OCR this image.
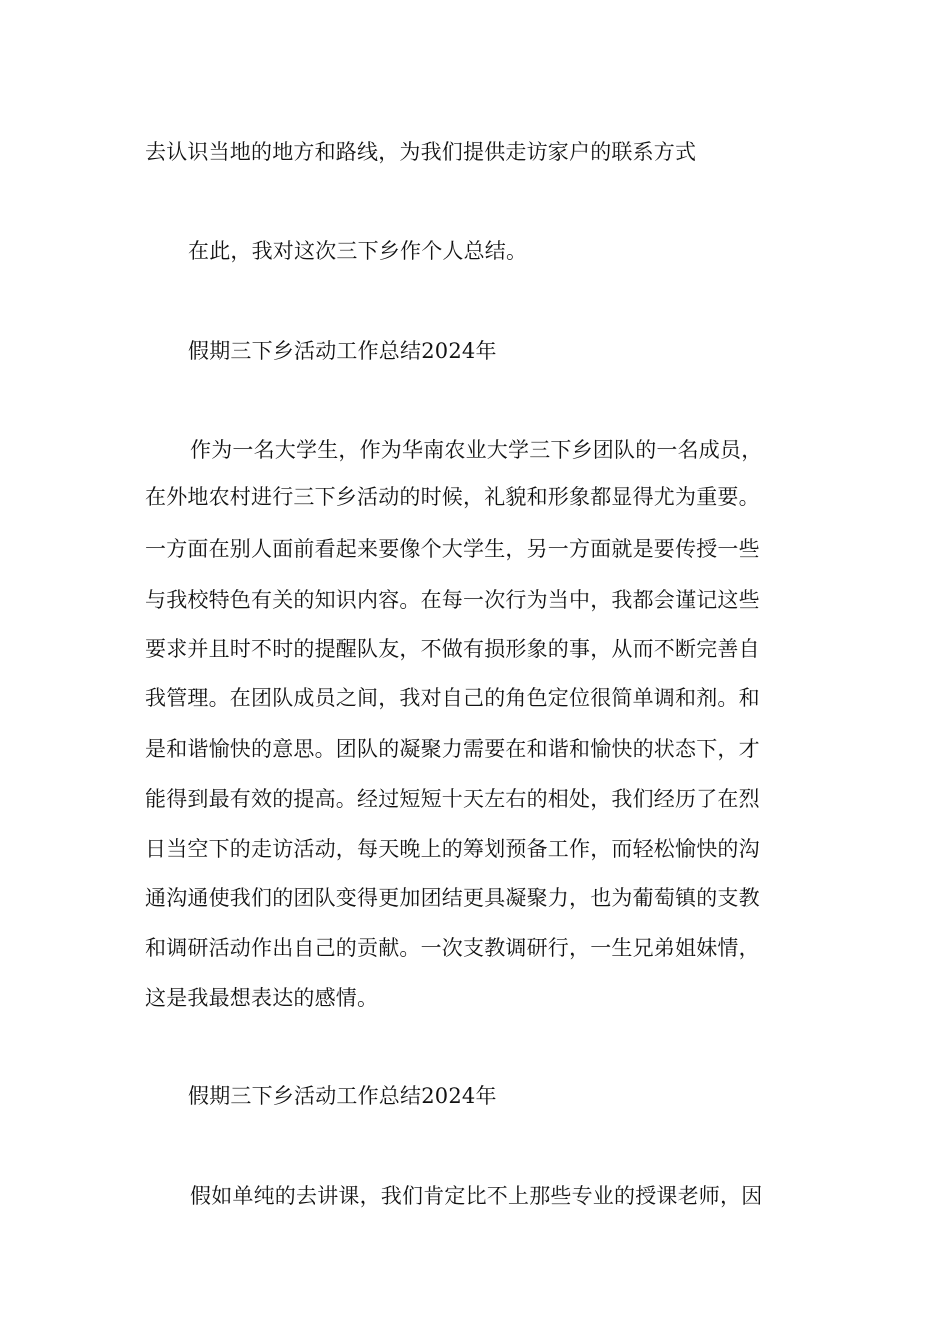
去认识当地的地方和路线，为我们提供走访家户的联系方式
在此，我对这次三下乡作个人总结。
假期三下乡活动工作总结2024年
作为一名大学生，作为华南农业大学三下乡团队的一名成员，
在外地农村进行三下乡活动的时候，礼貌和形象都显得尤为重要。
一方面在别人面前看起来要像个大学生，另一方面就是要传授一些
与我校特色有关的知识内容。在每一次行为当中，我都会谨记这些
要求并且时不时的提醒队友，不做有损形象的事，从而不断完善自
我管理。在团队成员之间，我对自己的角色定位很简单调和剂。和
是和谐愉快的意思。团队的凝聚力需要在和谐和愉快的状态下，才
能得到最有效的提高。经过短短十天左右的相处，我们经历了在烈
日当空下的走访活动，每天晚上的筹划预备工作，而轻松愉快的沟
通沟通使我们的团队变得更加团结更具凝聚力，也为葡萄镇的支教
和调研活动作出自己的贡献。一次支教调研行，一生兄弟姐妹情，
这是我最想表达的感情。
假期三下乡活动工作总结2024年
假如单纯的去讲课，我们肯定比不上那些专业的授课老师，因
